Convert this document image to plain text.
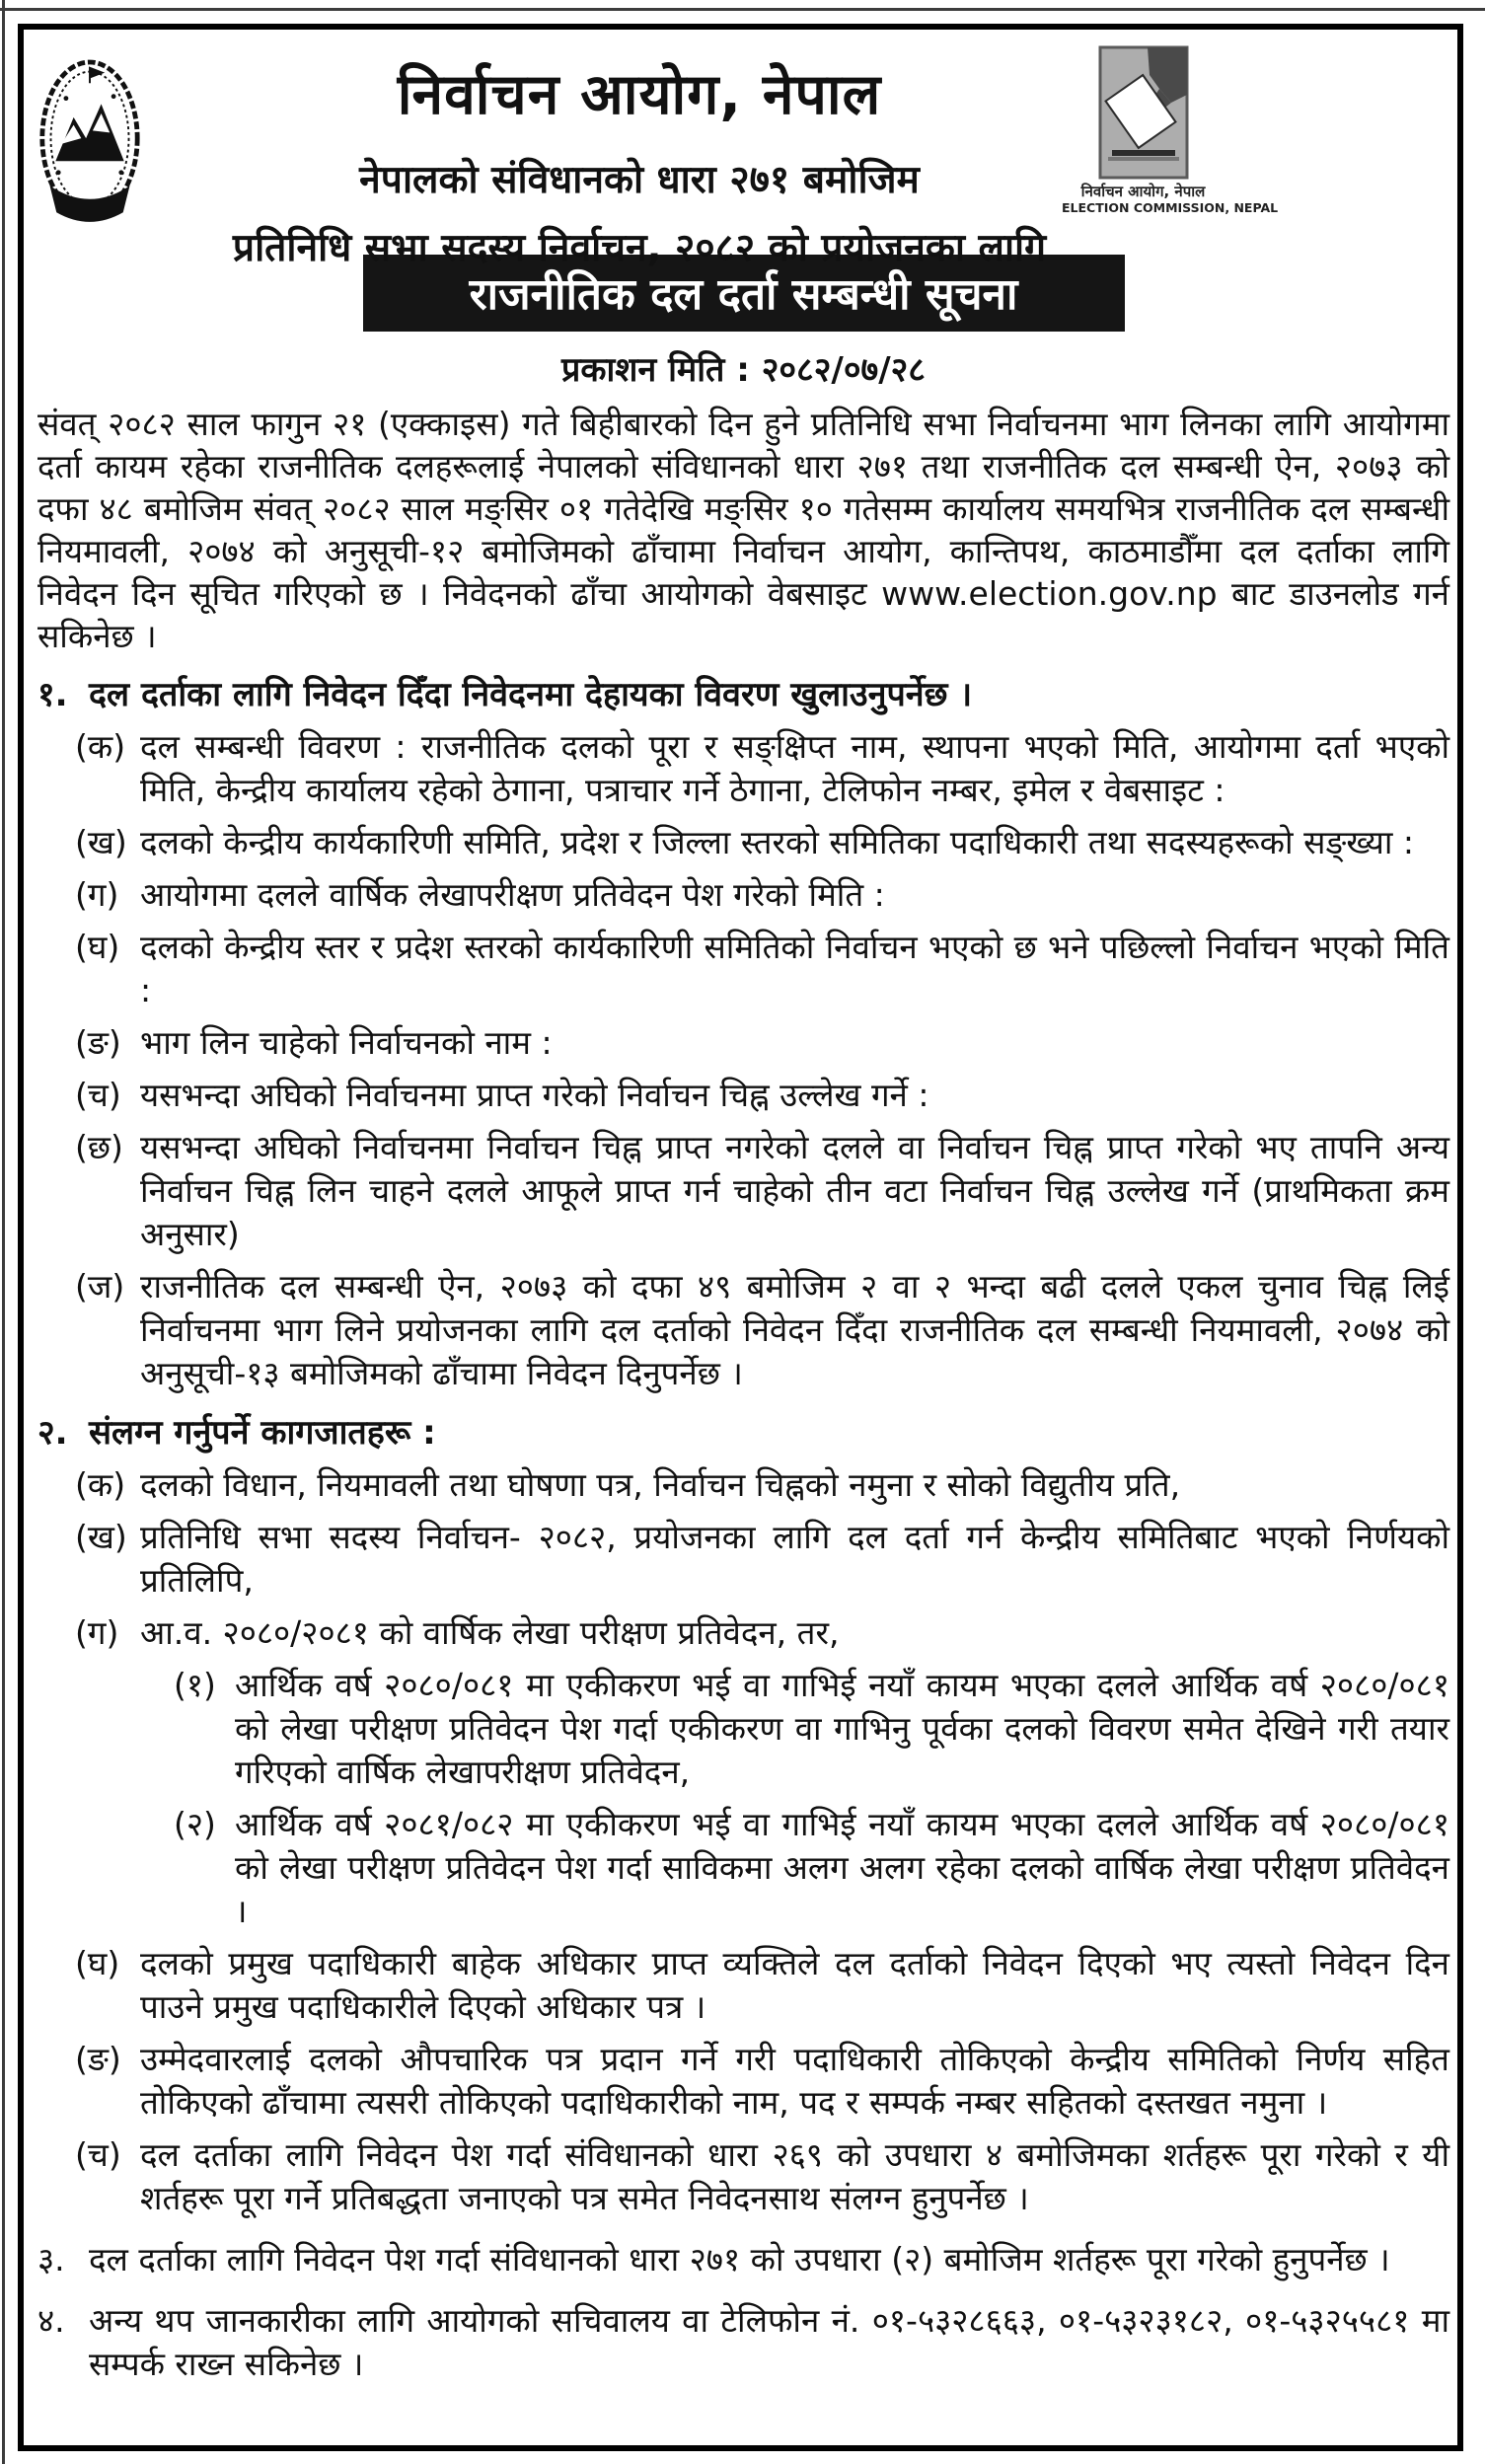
निर्वाचन आयोग, नेपाल
नेपालको संविधानको धारा २७१ बमोजिम
प्रतिनिधि सभा सदस्य निर्वाचन, २०८२ को प्रयोजनका लागि
निर्वाचन आयोग, नेपाल
ELECTION COMMISSION, NEPAL
राजनीतिक दल दर्ता सम्बन्धी सूचना
प्रकाशन मिति : २०८२/०७/२८

संवत् २०८२ साल फागुन २१ (एक्काइस) गते बिहीबारको दिन हुने प्रतिनिधि सभा निर्वाचनमा भाग लिनका लागि आयोगमा दर्ता कायम रहेका राजनीतिक दलहरूलाई नेपालको संविधानको धारा २७१ तथा राजनीतिक दल सम्बन्धी ऐन, २०७३ को दफा ४८ बमोजिम संवत् २०८२ साल मङ्सिर ०१ गतेदेखि मङ्सिर १० गतेसम्म कार्यालय समयभित्र राजनीतिक दल सम्बन्धी नियमावली, २०७४ को अनुसूची-१२ बमोजिमको ढाँचामा निर्वाचन आयोग, कान्तिपथ, काठमाडौँमा दल दर्ताका लागि निवेदन दिन सूचित गरिएको छ । निवेदनको ढाँचा आयोगको वेबसाइट www.election.gov.np बाट डाउनलोड गर्न सकिनेछ ।

१. दल दर्ताका लागि निवेदन दिँदा निवेदनमा देहायका विवरण खुलाउनुपर्नेछ ।
(क) दल सम्बन्धी विवरण : राजनीतिक दलको पूरा र सङ्क्षिप्त नाम, स्थापना भएको मिति, आयोगमा दर्ता भएको मिति, केन्द्रीय कार्यालय रहेको ठेगाना, पत्राचार गर्ने ठेगाना, टेलिफोन नम्बर, इमेल र वेबसाइट :
(ख) दलको केन्द्रीय कार्यकारिणी समिति, प्रदेश र जिल्ला स्तरको समितिका पदाधिकारी तथा सदस्यहरूको सङ्ख्या :
(ग) आयोगमा दलले वार्षिक लेखापरीक्षण प्रतिवेदन पेश गरेको मिति :
(घ) दलको केन्द्रीय स्तर र प्रदेश स्तरको कार्यकारिणी समितिको निर्वाचन भएको छ भने पछिल्लो निर्वाचन भएको मिति :
(ङ) भाग लिन चाहेको निर्वाचनको नाम :
(च) यसभन्दा अघिको निर्वाचनमा प्राप्त गरेको निर्वाचन चिह्न उल्लेख गर्ने :
(छ) यसभन्दा अघिको निर्वाचनमा निर्वाचन चिह्न प्राप्त नगरेको दलले वा निर्वाचन चिह्न प्राप्त गरेको भए तापनि अन्य निर्वाचन चिह्न लिन चाहने दलले आफूले प्राप्त गर्न चाहेको तीन वटा निर्वाचन चिह्न उल्लेख गर्ने (प्राथमिकता क्रम अनुसार)
(ज) राजनीतिक दल सम्बन्धी ऐन, २०७३ को दफा ४९ बमोजिम २ वा २ भन्दा बढी दलले एकल चुनाव चिह्न लिई निर्वाचनमा भाग लिने प्रयोजनका लागि दल दर्ताको निवेदन दिँदा राजनीतिक दल सम्बन्धी नियमावली, २०७४ को अनुसूची-१३ बमोजिमको ढाँचामा निवेदन दिनुपर्नेछ ।
२. संलग्न गर्नुपर्ने कागजातहरू :
(क) दलको विधान, नियमावली तथा घोषणा पत्र, निर्वाचन चिह्नको नमुना र सोको विद्युतीय प्रति,
(ख) प्रतिनिधि सभा सदस्य निर्वाचन- २०८२, प्रयोजनका लागि दल दर्ता गर्न केन्द्रीय समितिबाट भएको निर्णयको प्रतिलिपि,
(ग) आ.व. २०८०/२०८१ को वार्षिक लेखा परीक्षण प्रतिवेदन, तर,
(१) आर्थिक वर्ष २०८०/०८१ मा एकीकरण भई वा गाभिई नयाँ कायम भएका दलले आर्थिक वर्ष २०८०/०८१ को लेखा परीक्षण प्रतिवेदन पेश गर्दा एकीकरण वा गाभिनु पूर्वका दलको विवरण समेत देखिने गरी तयार गरिएको वार्षिक लेखापरीक्षण प्रतिवेदन,
(२) आर्थिक वर्ष २०८१/०८२ मा एकीकरण भई वा गाभिई नयाँ कायम भएका दलले आर्थिक वर्ष २०८०/०८१ को लेखा परीक्षण प्रतिवेदन पेश गर्दा साविकमा अलग अलग रहेका दलको वार्षिक लेखा परीक्षण प्रतिवेदन ।
(घ) दलको प्रमुख पदाधिकारी बाहेक अधिकार प्राप्त व्यक्तिले दल दर्ताको निवेदन दिएको भए त्यस्तो निवेदन दिन पाउने प्रमुख पदाधिकारीले दिएको अधिकार पत्र ।
(ङ) उम्मेदवारलाई दलको औपचारिक पत्र प्रदान गर्ने गरी पदाधिकारी तोकिएको केन्द्रीय समितिको निर्णय सहित तोकिएको ढाँचामा त्यसरी तोकिएको पदाधिकारीको नाम, पद र सम्पर्क नम्बर सहितको दस्तखत नमुना ।
(च) दल दर्ताका लागि निवेदन पेश गर्दा संविधानको धारा २६९ को उपधारा ४ बमोजिमका शर्तहरू पूरा गरेको र यी शर्तहरू पूरा गर्ने प्रतिबद्धता जनाएको पत्र समेत निवेदनसाथ संलग्न हुनुपर्नेछ ।
३. दल दर्ताका लागि निवेदन पेश गर्दा संविधानको धारा २७१ को उपधारा (२) बमोजिम शर्तहरू पूरा गरेको हुनुपर्नेछ ।
४. अन्य थप जानकारीका लागि आयोगको सचिवालय वा टेलिफोन नं. ०१-५३२८६६३, ०१-५३२३१८२, ०१-५३२५५८१ मा सम्पर्क राख्न सकिनेछ ।
